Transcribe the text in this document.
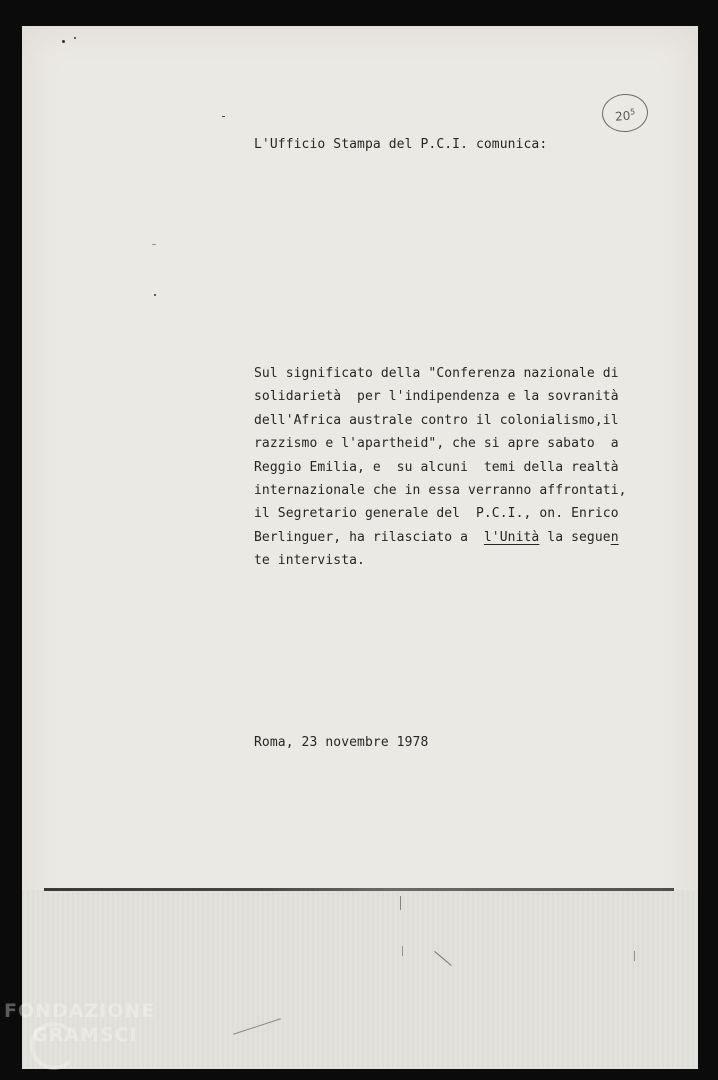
$20^5$
L'Ufficio Stampa del P.C.I. comunica:
Sul significato della "Conferenza nazionale di
solidarietà  per l'indipendenza e la sovranità
dell'Africa australe contro il colonialismo,il
razzismo e l'apartheid", che si apre sabato  a
Reggio Emilia, e  su alcuni  temi della realtà
internazionale che in essa verranno affrontati,
il Segretario generale del  P.C.I., on. Enrico
Berlinguer, ha rilasciato a  l'Unità la seguen
te intervista.
Roma, 23 novembre 1978
FONDAZIONE
GRAMSCI
